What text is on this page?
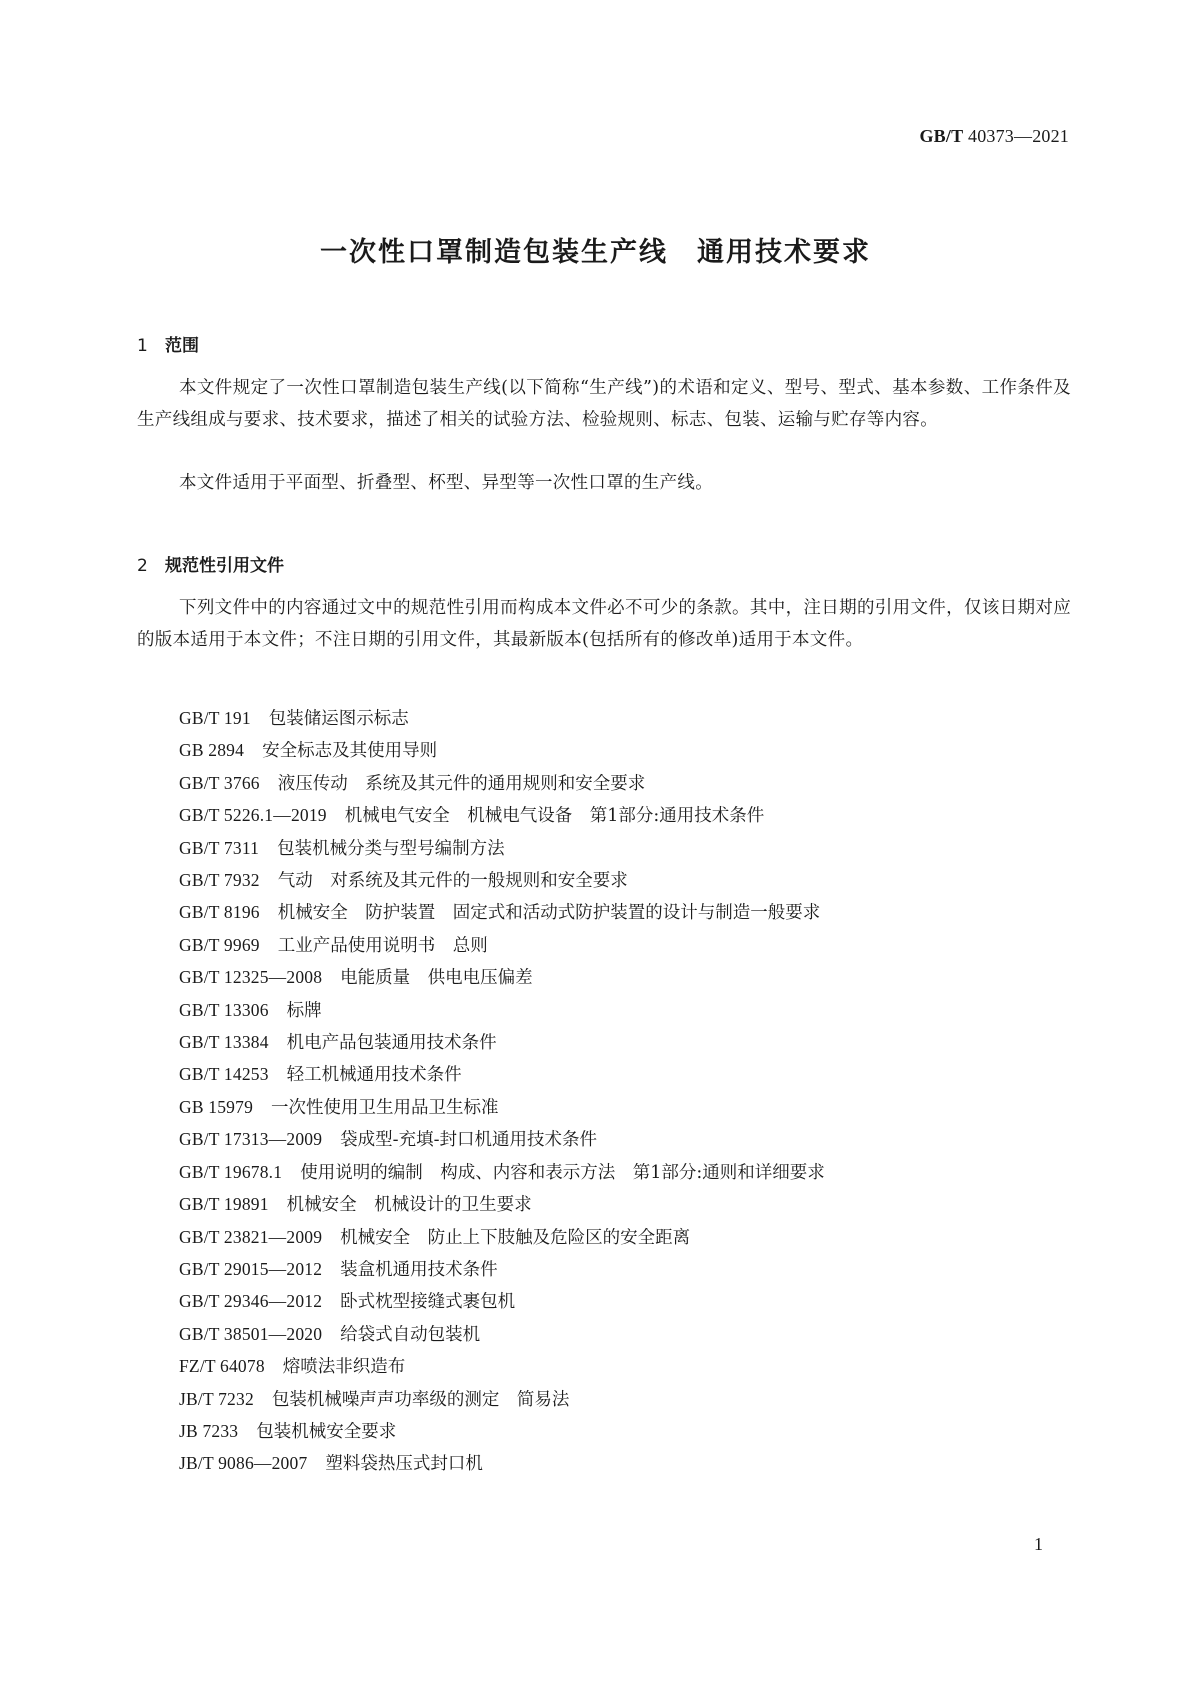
GB/T 40373—2021
一次性口罩制造包装生产线　通用技术要求
1 范围

本文件规定了一次性口罩制造包装生产线(以下简称“生产线”)的术语和定义、型号、型式、基本参数、工作条件及生产线组成与要求、技术要求，描述了相关的试验方法、检验规则、标志、包装、运输与贮存等内容。

本文件适用于平面型、折叠型、杯型、异型等一次性口罩的生产线。

2 规范性引用文件

下列文件中的内容通过文中的规范性引用而构成本文件必不可少的条款。其中，注日期的引用文件，仅该日期对应的版本适用于本文件；不注日期的引用文件，其最新版本(包括所有的修改单)适用于本文件。

GB/T 191 包装储运图示标志
GB 2894 安全标志及其使用导则
GB/T 3766 液压传动　系统及其元件的通用规则和安全要求
GB/T 5226.1—2019 机械电气安全　机械电气设备　第1部分:通用技术条件
GB/T 7311 包装机械分类与型号编制方法
GB/T 7932 气动　对系统及其元件的一般规则和安全要求
GB/T 8196 机械安全　防护装置　固定式和活动式防护装置的设计与制造一般要求
GB/T 9969 工业产品使用说明书　总则
GB/T 12325—2008 电能质量　供电电压偏差
GB/T 13306 标牌
GB/T 13384 机电产品包装通用技术条件
GB/T 14253 轻工机械通用技术条件
GB 15979 一次性使用卫生用品卫生标准
GB/T 17313—2009 袋成型-充填-封口机通用技术条件
GB/T 19678.1 使用说明的编制　构成、内容和表示方法　第1部分:通则和详细要求
GB/T 19891 机械安全　机械设计的卫生要求
GB/T 23821—2009 机械安全　防止上下肢触及危险区的安全距离
GB/T 29015—2012 装盒机通用技术条件
GB/T 29346—2012 卧式枕型接缝式裹包机
GB/T 38501—2020 给袋式自动包装机
FZ/T 64078 熔喷法非织造布
JB/T 7232 包装机械噪声声功率级的测定　简易法
JB 7233 包装机械安全要求
JB/T 9086—2007 塑料袋热压式封口机
1
